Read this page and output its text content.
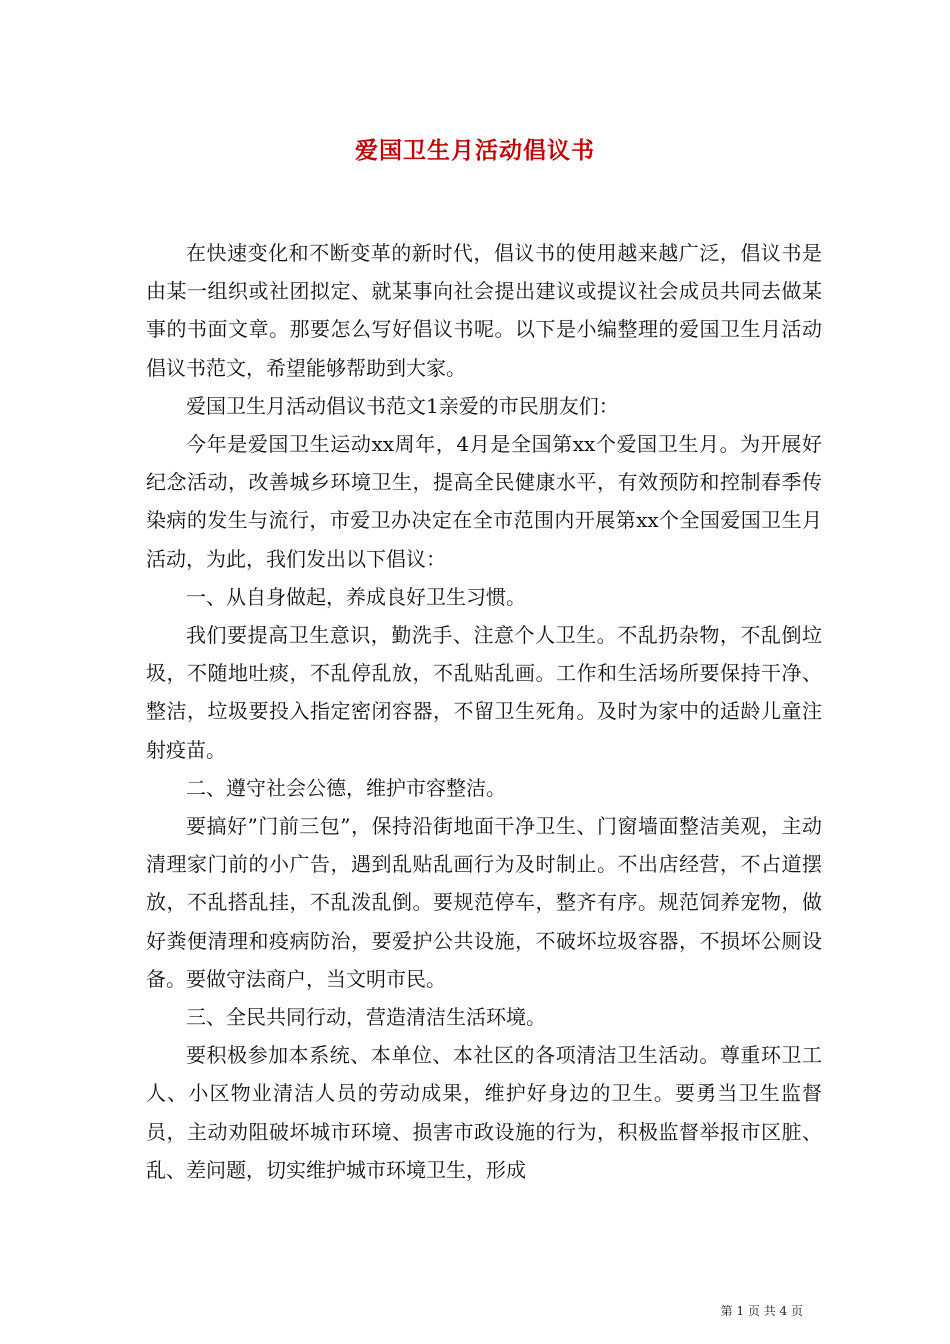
爱国卫生月活动倡议书

在快速变化和不断变革的新时代，倡议书的使用越来越广泛，倡议书是由某一组织或社团拟定、就某事向社会提出建议或提议社会成员共同去做某事的书面文章。那要怎么写好倡议书呢。以下是小编整理的爱国卫生月活动倡议书范文，希望能够帮助到大家。

爱国卫生月活动倡议书范文1亲爱的市民朋友们：

今年是爱国卫生运动xx周年，4月是全国第xx个爱国卫生月。为开展好纪念活动，改善城乡环境卫生，提高全民健康水平，有效预防和控制春季传染病的发生与流行，市爱卫办决定在全市范围内开展第xx个全国爱国卫生月活动，为此，我们发出以下倡议：

一、从自身做起，养成良好卫生习惯。

我们要提高卫生意识，勤洗手、注意个人卫生。不乱扔杂物，不乱倒垃圾，不随地吐痰，不乱停乱放，不乱贴乱画。工作和生活场所要保持干净、整洁，垃圾要投入指定密闭容器，不留卫生死角。及时为家中的适龄儿童注射疫苗。

二、遵守社会公德，维护市容整洁。

要搞好”门前三包”，保持沿街地面干净卫生、门窗墙面整洁美观，主动清理家门前的小广告，遇到乱贴乱画行为及时制止。不出店经营，不占道摆放，不乱搭乱挂，不乱泼乱倒。要规范停车，整齐有序。规范饲养宠物，做好粪便清理和疫病防治，要爱护公共设施，不破坏垃圾容器，不损坏公厕设备。要做守法商户，当文明市民。

三、全民共同行动，营造清洁生活环境。

要积极参加本系统、本单位、本社区的各项清洁卫生活动。尊重环卫工人、小区物业清洁人员的劳动成果，维护好身边的卫生。要勇当卫生监督员，主动劝阻破坏城市环境、损害市政设施的行为，积极监督举报市区脏、乱、差问题，切实维护城市环境卫生，形成

第 1 页 共 4 页
